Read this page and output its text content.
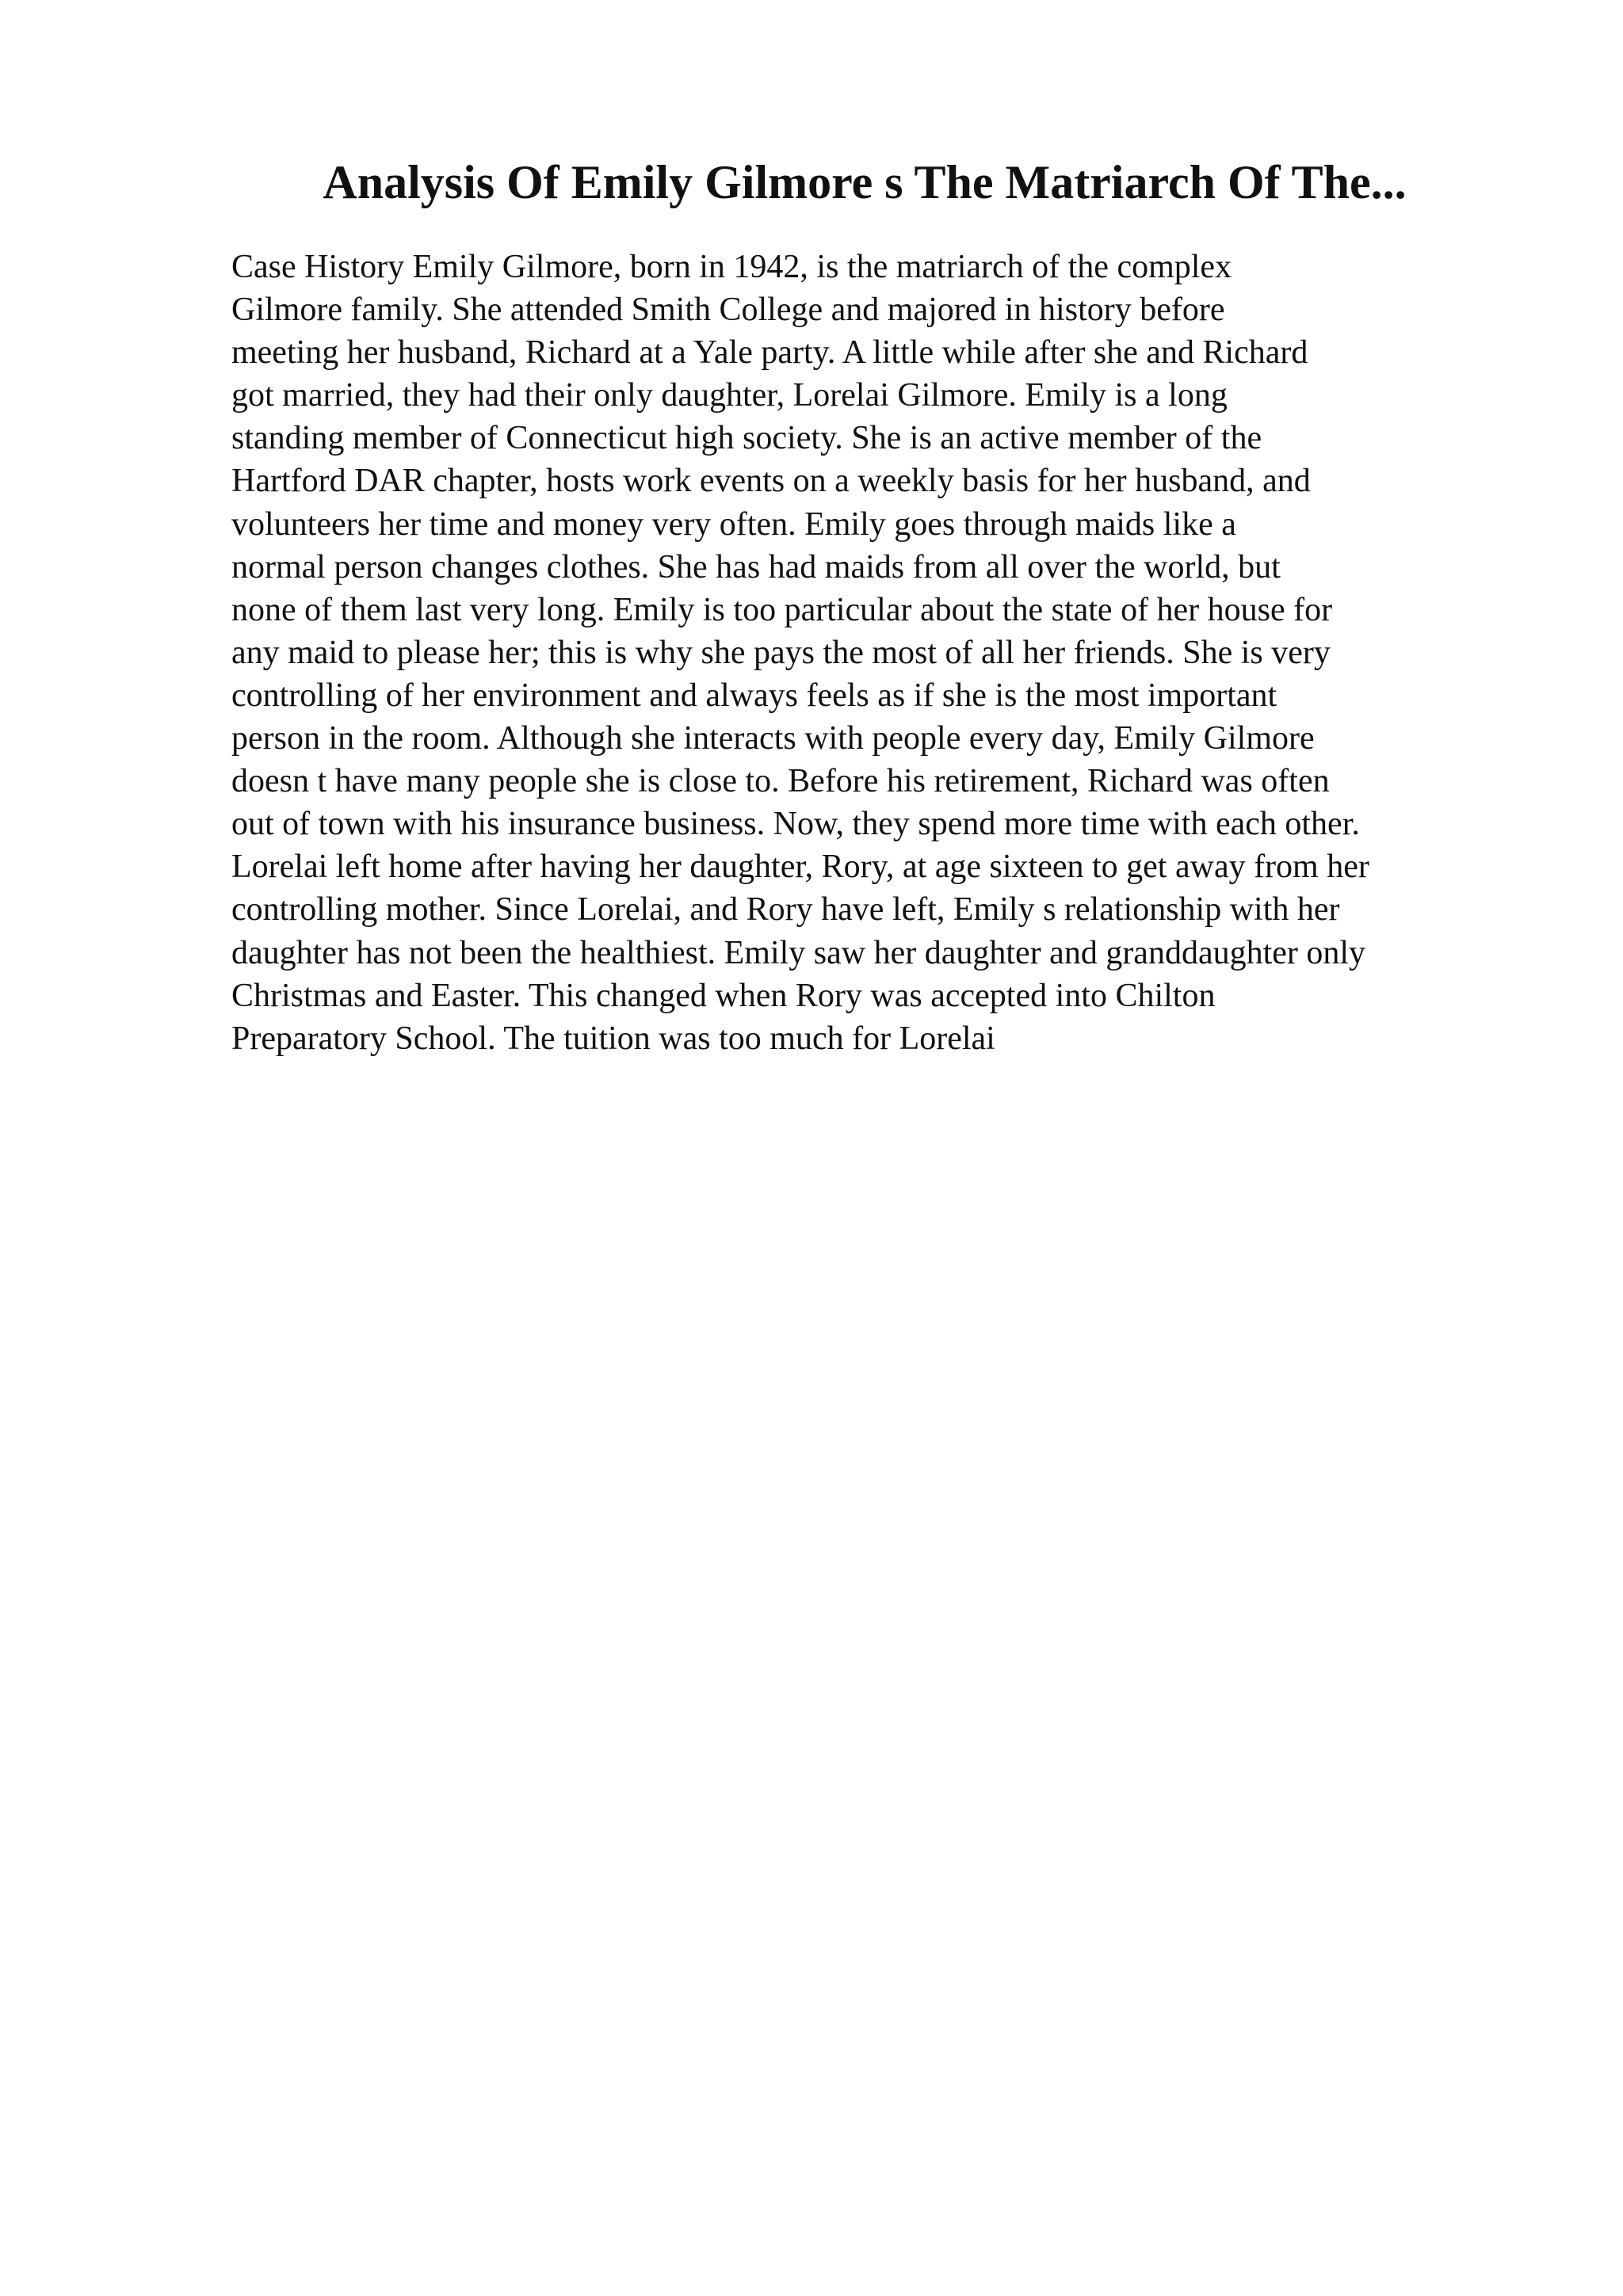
Analysis Of Emily Gilmore s The Matriarch Of The...
Case History Emily Gilmore, born in 1942, is the matriarch of the complex
Gilmore family. She attended Smith College and majored in history before
meeting her husband, Richard at a Yale party. A little while after she and Richard
got married, they had their only daughter, Lorelai Gilmore. Emily is a long
standing member of Connecticut high society. She is an active member of the
Hartford DAR chapter, hosts work events on a weekly basis for her husband, and
volunteers her time and money very often. Emily goes through maids like a
normal person changes clothes. She has had maids from all over the world, but
none of them last very long. Emily is too particular about the state of her house for
any maid to please her; this is why she pays the most of all her friends. She is very
controlling of her environment and always feels as if she is the most important
person in the room. Although she interacts with people every day, Emily Gilmore
doesn t have many people she is close to. Before his retirement, Richard was often
out of town with his insurance business. Now, they spend more time with each other.
Lorelai left home after having her daughter, Rory, at age sixteen to get away from her
controlling mother. Since Lorelai, and Rory have left, Emily s relationship with her
daughter has not been the healthiest. Emily saw her daughter and granddaughter only
Christmas and Easter. This changed when Rory was accepted into Chilton
Preparatory School. The tuition was too much for Lorelai
